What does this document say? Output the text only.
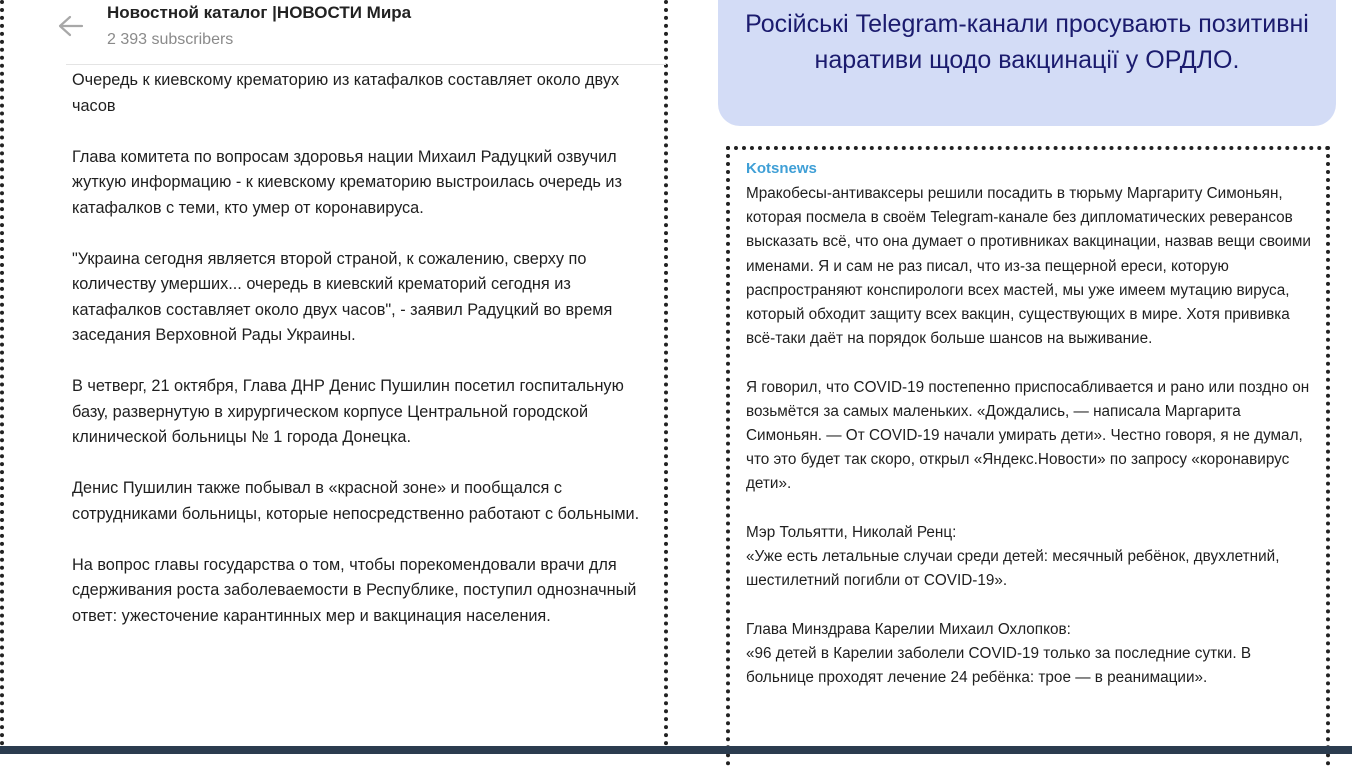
Новостной каталог |НОВОСТИ Мира
2 393 subscribers

Очередь к киевскому крематорию из катафалков составляет около двух часов

Глава комитета по вопросам здоровья нации Михаил Радуцкий озвучил жуткую информацию - к киевскому крематорию выстроилась очередь из катафалков с теми, кто умер от коронавируса.

"Украина сегодня является второй страной, к сожалению, сверху по количеству умерших... очередь в киевский крематорий сегодня из катафалков составляет около двух часов", - заявил Радуцкий во время заседания Верховной Рады Украины.

В четверг, 21 октября, Глава ДНР Денис Пушилин посетил госпитальную базу, развернутую в хирургическом корпусе Центральной городской клинической больницы № 1 города Донецка.

Денис Пушилин также побывал в «красной зоне» и пообщался с сотрудниками больницы, которые непосредственно работают с больными.

На вопрос главы государства о том, чтобы порекомендовали врачи для сдерживания роста заболеваемости в Республике, поступил однозначный ответ: ужесточение карантинных мер и вакцинация населения.

Російські Telegram-канали просувають позитивні наративи щодо вакцинації у ОРДЛО.
Kotsnews

Мракобесы-антиваксеры решили посадить в тюрьму Маргариту Симоньян, которая посмела в своём Telegram-канале без дипломатических реверансов высказать всё, что она думает о противниках вакцинации, назвав вещи своими именами. Я и сам не раз писал, что из-за пещерной ереси, которую распространяют конспирологи всех мастей, мы уже имеем мутацию вируса, который обходит защиту всех вакцин, существующих в мире. Хотя прививка всё-таки даёт на порядок больше шансов на выживание.

Я говорил, что COVID-19 постепенно приспосабливается и рано или поздно он возьмётся за самых маленьких. «Дождались, — написала Маргарита Симоньян. — От COVID-19 начали умирать дети». Честно говоря, я не думал, что это будет так скоро, открыл «Яндекс.Новости» по запросу «коронавирус дети».

Мэр Тольятти, Николай Ренц:
«Уже есть летальные случаи среди детей: месячный ребёнок, двухлетний, шестилетний погибли от COVID-19».

Глава Минздрава Карелии Михаил Охлопков:
«96 детей в Карелии заболели COVID-19 только за последние сутки. В больнице проходят лечение 24 ребёнка: трое — в реанимации».
